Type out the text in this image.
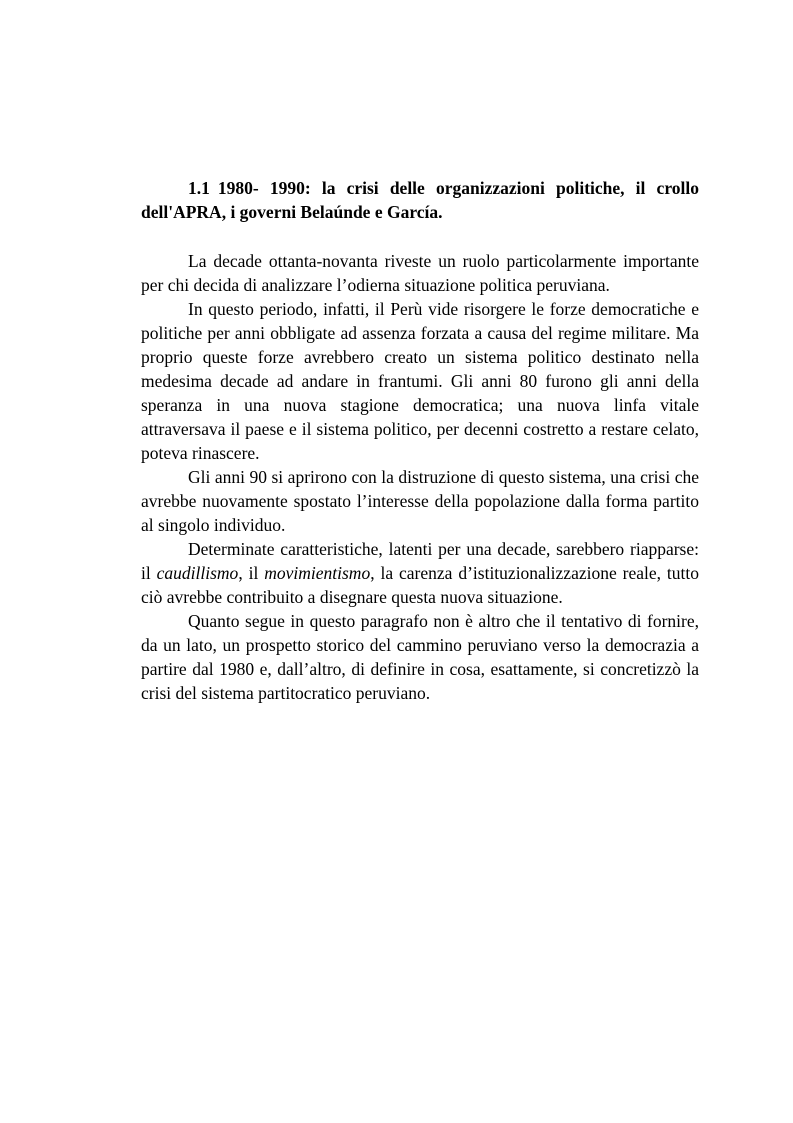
1.1 1980- 1990: la crisi delle organizzazioni politiche, il crollo dell'APRA, i governi Belaúnde e García.

La decade ottanta-novanta riveste un ruolo particolarmente importante per chi decida di analizzare l’odierna situazione politica peruviana.

In questo periodo, infatti, il Perù vide risorgere le forze democratiche e politiche per anni obbligate ad assenza forzata a causa del regime militare. Ma proprio queste forze avrebbero creato un sistema politico destinato nella medesima decade ad andare in frantumi. Gli anni 80 furono gli anni della speranza in una nuova stagione democratica; una nuova linfa vitale attraversava il paese e il sistema politico, per decenni costretto a restare celato, poteva rinascere.

Gli anni 90 si aprirono con la distruzione di questo sistema, una crisi che avrebbe nuovamente spostato l’interesse della popolazione dalla forma partito al singolo individuo.

Determinate caratteristiche, latenti per una decade, sarebbero riapparse: il caudillismo, il movimientismo, la carenza d’istituzionalizzazione reale, tutto ciò avrebbe contribuito a disegnare questa nuova situazione.

Quanto segue in questo paragrafo non è altro che il tentativo di fornire, da un lato, un prospetto storico del cammino peruviano verso la democrazia a partire dal 1980 e, dall’altro, di definire in cosa, esattamente, si concretizzò la crisi del sistema partitocratico peruviano.
